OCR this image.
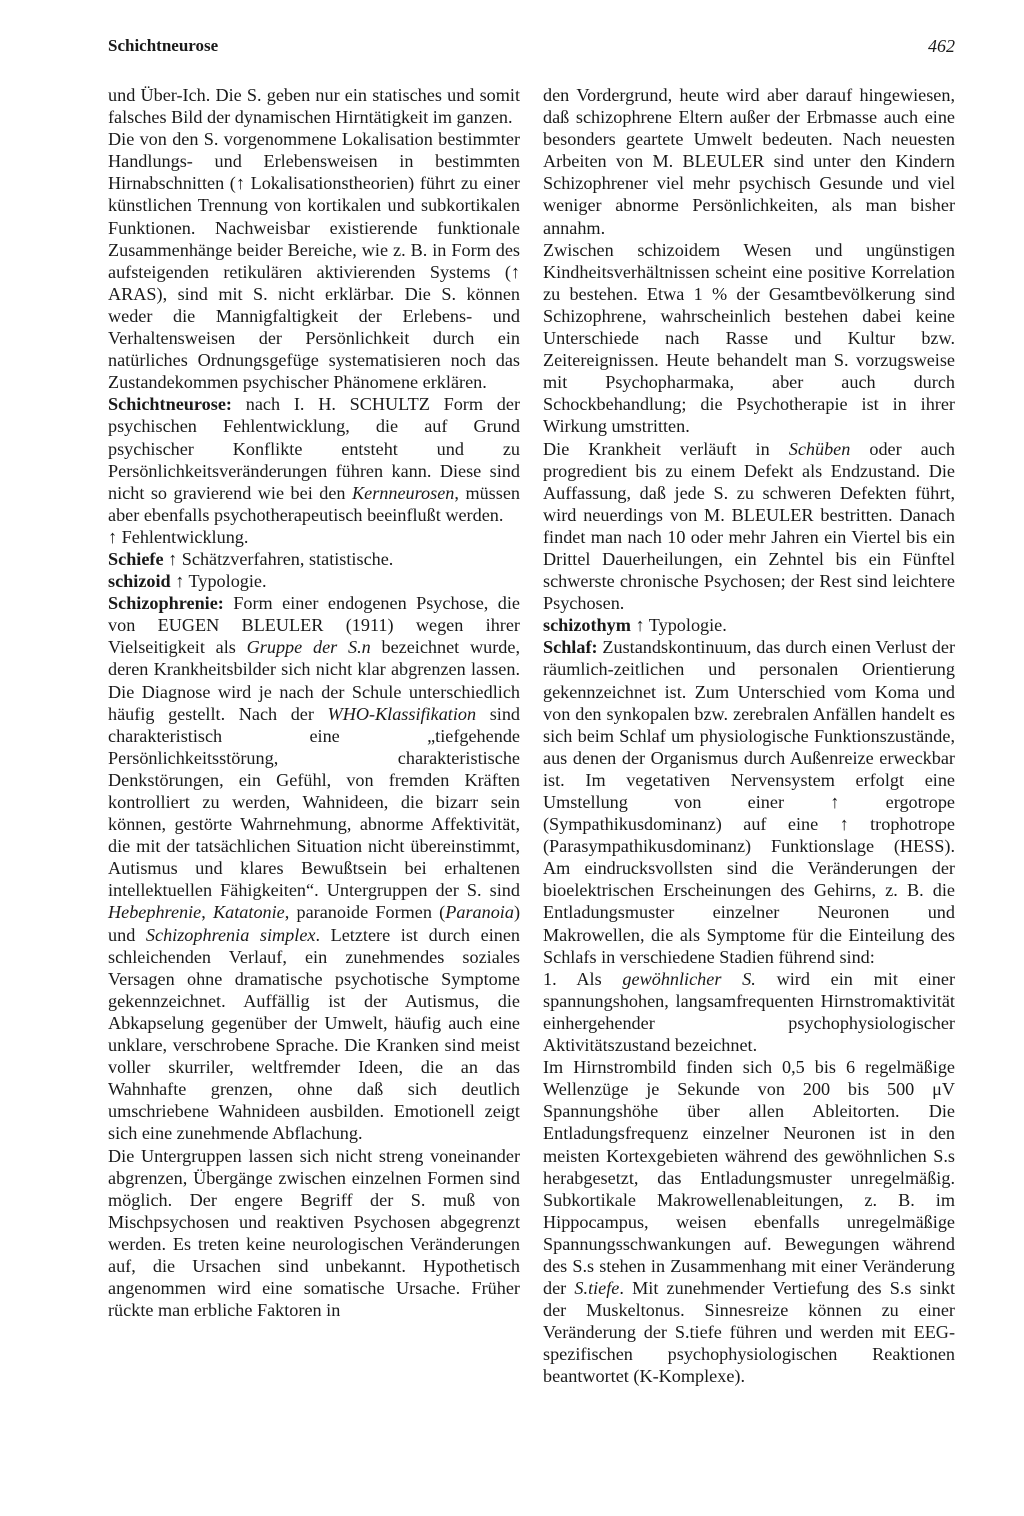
Schichtneurose	462

und Über-Ich. Die S. geben nur ein statisches und somit falsches Bild der dynamischen Hirntätigkeit im ganzen.

Die von den S. vorgenommene Lokalisation bestimmter Handlungs- und Erlebensweisen in bestimmten Hirnabschnitten (↑ Lokalisationstheorien) führt zu einer künstlichen Trennung von kortikalen und subkortikalen Funktionen. Nachweisbar existierende funktionale Zusammenhänge beider Bereiche, wie z. B. in Form des aufsteigenden retikulären aktivierenden Systems (↑ ARAS), sind mit S. nicht erklärbar. Die S. können weder die Mannigfaltigkeit der Erlebens- und Verhaltensweisen der Persönlichkeit durch ein natürliches Ordnungsgefüge systematisieren noch das Zustandekommen psychischer Phänomene erklären.

Schichtneurose: nach I. H. SCHULTZ Form der psychischen Fehlentwicklung, die auf Grund psychischer Konflikte entsteht und zu Persönlichkeitsveränderungen führen kann. Diese sind nicht so gravierend wie bei den Kernneurosen, müssen aber ebenfalls psychotherapeutisch beeinflußt werden.

↑ Fehlentwicklung.

Schiefe ↑ Schätzverfahren, statistische.

schizoid ↑ Typologie.

Schizophrenie: Form einer endogenen Psychose, die von EUGEN BLEULER (1911) wegen ihrer Vielseitigkeit als Gruppe der S.n bezeichnet wurde, deren Krankheitsbilder sich nicht klar abgrenzen lassen. Die Diagnose wird je nach der Schule unterschiedlich häufig gestellt. Nach der WHO-Klassifikation sind charakteristisch eine „tiefgehende Persönlichkeitsstörung, charakteristische Denkstörungen, ein Gefühl, von fremden Kräften kontrolliert zu werden, Wahnideen, die bizarr sein können, gestörte Wahrnehmung, abnorme Affektivität, die mit der tatsächlichen Situation nicht übereinstimmt, Autismus und klares Bewußtsein bei erhaltenen intellektuellen Fähigkeiten“. Untergruppen der S. sind Hebephrenie, Katatonie, paranoide Formen (Paranoia) und Schizophrenia simplex. Letztere ist durch einen schleichenden Verlauf, ein zunehmendes soziales Versagen ohne dramatische psychotische Symptome gekennzeichnet. Auffällig ist der Autismus, die Abkapselung gegenüber der Umwelt, häufig auch eine unklare, verschrobene Sprache. Die Kranken sind meist voller skurriler, weltfremder Ideen, die an das Wahnhafte grenzen, ohne daß sich deutlich umschriebene Wahnideen ausbilden. Emotionell zeigt sich eine zunehmende Abflachung.

Die Untergruppen lassen sich nicht streng voneinander abgrenzen, Übergänge zwischen einzelnen Formen sind möglich. Der engere Begriff der S. muß von Mischpsychosen und reaktiven Psychosen abgegrenzt werden. Es treten keine neurologischen Veränderungen auf, die Ursachen sind unbekannt. Hypothetisch angenommen wird eine somatische Ursache. Früher rückte man erbliche Faktoren in

den Vordergrund, heute wird aber darauf hingewiesen, daß schizophrene Eltern außer der Erbmasse auch eine besonders geartete Umwelt bedeuten. Nach neuesten Arbeiten von M. BLEULER sind unter den Kindern Schizophrener viel mehr psychisch Gesunde und viel weniger abnorme Persönlichkeiten, als man bisher annahm.

Zwischen schizoidem Wesen und ungünstigen Kindheitsverhältnissen scheint eine positive Korrelation zu bestehen. Etwa 1 % der Gesamtbevölkerung sind Schizophrene, wahrscheinlich bestehen dabei keine Unterschiede nach Rasse und Kultur bzw. Zeitereignissen. Heute behandelt man S. vorzugsweise mit Psychopharmaka, aber auch durch Schockbehandlung; die Psychotherapie ist in ihrer Wirkung umstritten.

Die Krankheit verläuft in Schüben oder auch progredient bis zu einem Defekt als Endzustand. Die Auffassung, daß jede S. zu schweren Defekten führt, wird neuerdings von M. BLEULER bestritten. Danach findet man nach 10 oder mehr Jahren ein Viertel bis ein Drittel Dauerheilungen, ein Zehntel bis ein Fünftel schwerste chronische Psychosen; der Rest sind leichtere Psychosen.

schizothym ↑ Typologie.

Schlaf: Zustandskontinuum, das durch einen Verlust der räumlich-zeitlichen und personalen Orientierung gekennzeichnet ist. Zum Unterschied vom Koma und von den synkopalen bzw. zerebralen Anfällen handelt es sich beim Schlaf um physiologische Funktionszustände, aus denen der Organismus durch Außenreize erweckbar ist. Im vegetativen Nervensystem erfolgt eine Umstellung von einer ↑ ergotrope (Sympathikusdominanz) auf eine ↑ trophotrope (Parasympathikusdominanz) Funktionslage (HESS). Am eindrucksvollsten sind die Veränderungen der bioelektrischen Erscheinungen des Gehirns, z. B. die Entladungsmuster einzelner Neuronen und Makrowellen, die als Symptome für die Einteilung des Schlafs in verschiedene Stadien führend sind:

1. Als gewöhnlicher S. wird ein mit einer spannungshohen, langsamfrequenten Hirnstromaktivität einhergehender psychophysiologischer Aktivitätszustand bezeichnet.

Im Hirnstrombild finden sich 0,5 bis 6 regelmäßige Wellenzüge je Sekunde von 200 bis 500 μV Spannungshöhe über allen Ableitorten. Die Entladungsfrequenz einzelner Neuronen ist in den meisten Kortexgebieten während des gewöhnlichen S.s herabgesetzt, das Entladungsmuster unregelmäßig. Subkortikale Makrowellenableitungen, z. B. im Hippocampus, weisen ebenfalls unregelmäßige Spannungsschwankungen auf. Bewegungen während des S.s stehen in Zusammenhang mit einer Veränderung der S.tiefe. Mit zunehmender Vertiefung des S.s sinkt der Muskeltonus. Sinnesreize können zu einer Veränderung der S.tiefe führen und werden mit EEG-spezifischen psychophysiologischen Reaktionen beantwortet (K-Komplexe).
